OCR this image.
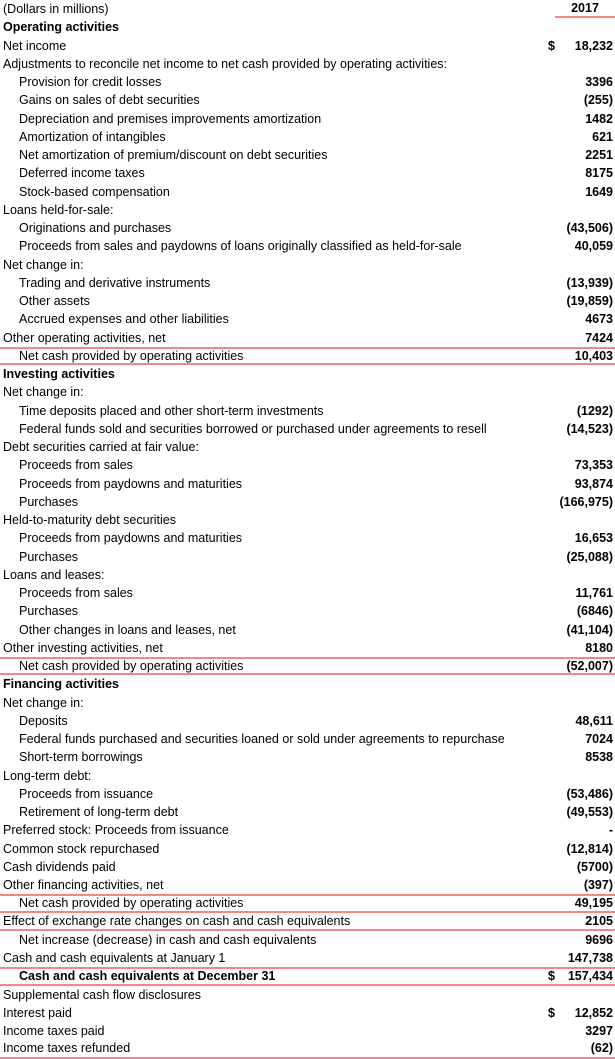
(Dollars in millions)	2017
Operating activities
Net income	$ 18,232
Adjustments to reconcile net income to net cash provided by operating activities:
Provision for credit losses	3396
Gains on sales of debt securities	(255)
Depreciation and premises improvements amortization	1482
Amortization of intangibles	621
Net amortization of premium/discount on debt securities	2251
Deferred income taxes	8175
Stock-based compensation	1649
Loans held-for-sale:
Originations and purchases	(43,506)
Proceeds from sales and paydowns of loans originally classified as held-for-sale	40,059
Net change in:
Trading and derivative instruments	(13,939)
Other assets	(19,859)
Accrued expenses and other liabilities	4673
Other operating activities, net	7424
Net cash provided by operating activities	10,403
Investing activities
Net change in:
Time deposits placed and other short-term investments	(1292)
Federal funds sold and securities borrowed or purchased under agreements to resell	(14,523)
Debt securities carried at fair value:
Proceeds from sales	73,353
Proceeds from paydowns and maturities	93,874
Purchases	(166,975)
Held-to-maturity debt securities
Proceeds from paydowns and maturities	16,653
Purchases	(25,088)
Loans and leases:
Proceeds from sales	11,761
Purchases	(6846)
Other changes in loans and leases, net	(41,104)
Other investing activities, net	8180
Net cash provided by operating activities	(52,007)
Financing activities
Net change in:
Deposits	48,611
Federal funds purchased and securities loaned or sold under agreements to repurchase	7024
Short-term borrowings	8538
Long-term debt:
Proceeds from issuance	(53,486)
Retirement of long-term debt	(49,553)
Preferred stock: Proceeds from issuance	-
Common stock repurchased	(12,814)
Cash dividends paid	(5700)
Other financing activities, net	(397)
Net cash provided by operating activities	49,195
Effect of exchange rate changes on cash and cash equivalents	2105
Net increase (decrease) in cash and cash equivalents	9696
Cash and cash equivalents at January 1	147,738
Cash and cash equivalents at December 31	$ 157,434
Supplemental cash flow disclosures
Interest paid	$ 12,852
Income taxes paid	3297
Income taxes refunded	(62)
